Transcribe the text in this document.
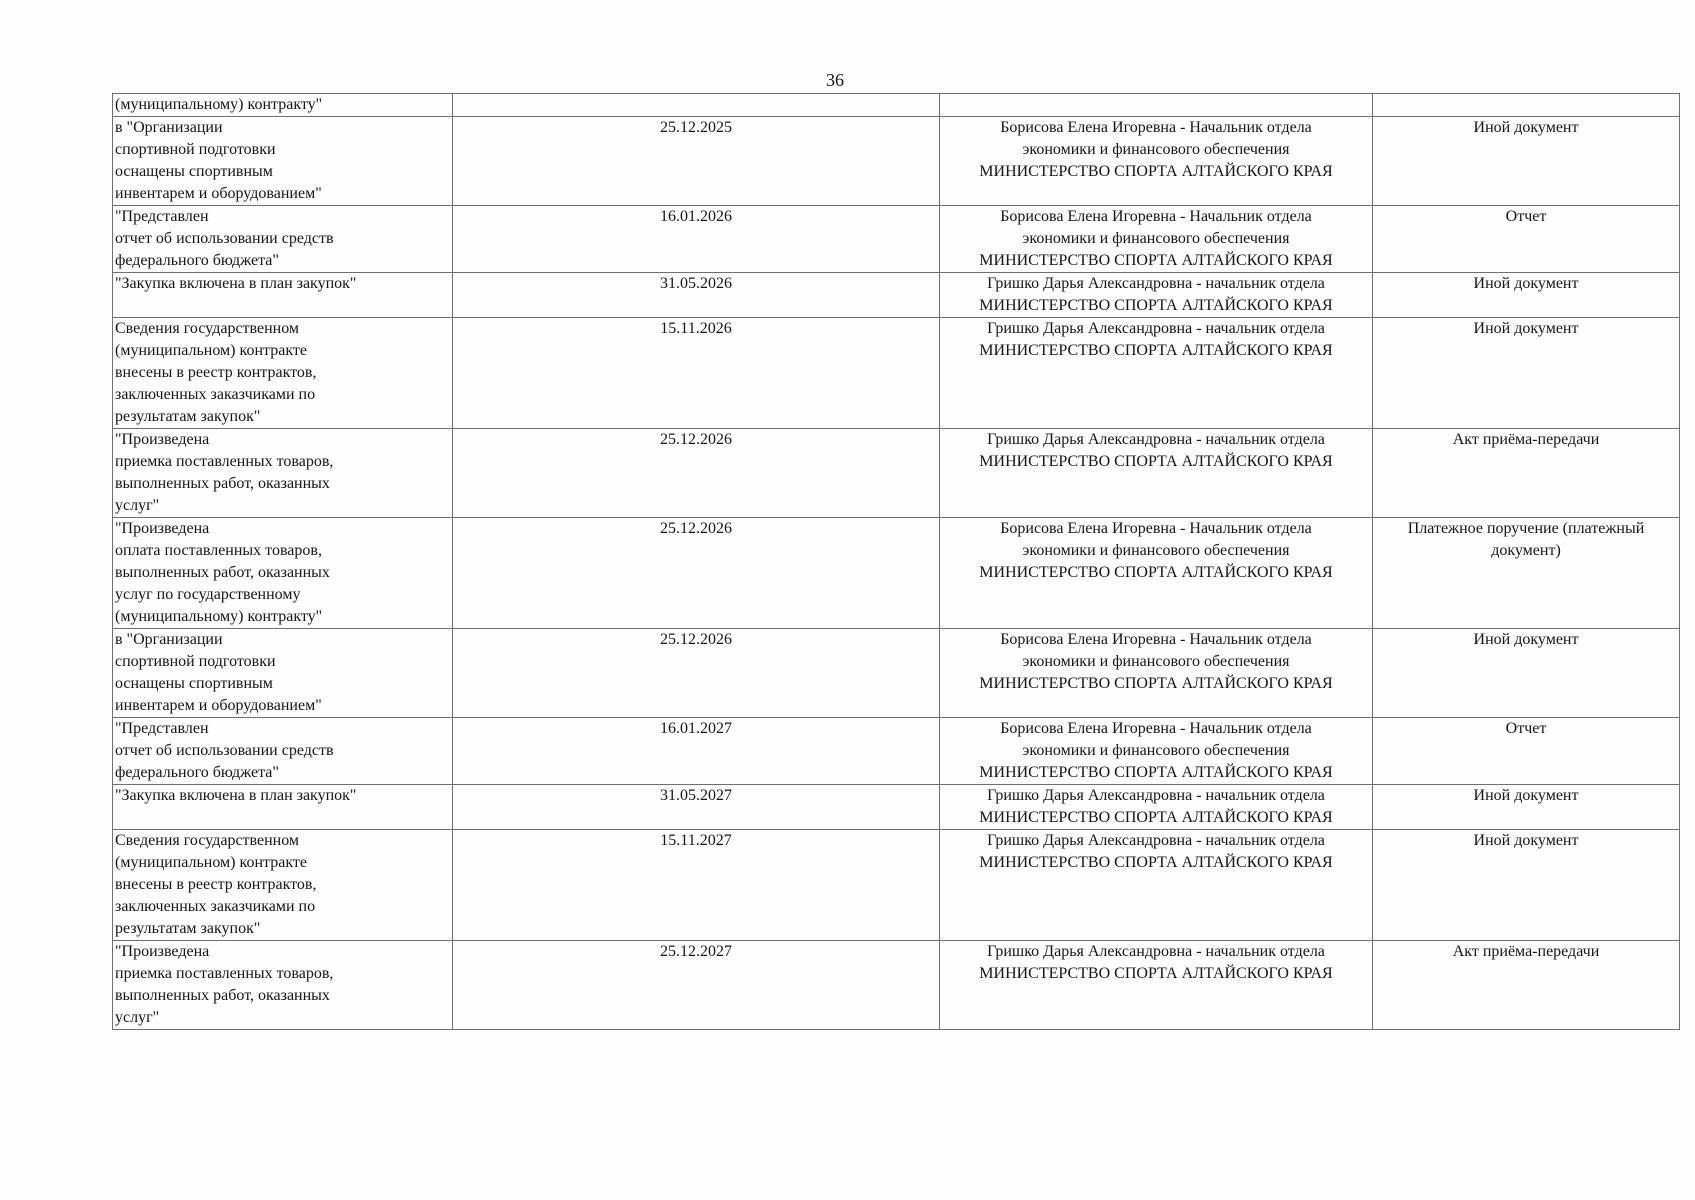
36
(муниципальному) контракту"			
в "Организации
спортивной подготовки
оснащены спортивным
инвентарем и оборудованием"	25.12.2025	Борисова Елена Игоревна - Начальник отдела
экономики и финансового обеспечения
МИНИСТЕРСТВО СПОРТА АЛТАЙСКОГО КРАЯ	Иной документ
"Представлен
отчет об использовании средств
федерального бюджета"	16.01.2026	Борисова Елена Игоревна - Начальник отдела
экономики и финансового обеспечения
МИНИСТЕРСТВО СПОРТА АЛТАЙСКОГО КРАЯ	Отчет
"Закупка включена в план закупок"	31.05.2026	Гришко Дарья Александровна - начальник отдела
МИНИСТЕРСТВО СПОРТА АЛТАЙСКОГО КРАЯ	Иной документ
Сведения государственном
(муниципальном) контракте
внесены в реестр контрактов,
заключенных заказчиками по
результатам закупок"	15.11.2026	Гришко Дарья Александровна - начальник отдела
МИНИСТЕРСТВО СПОРТА АЛТАЙСКОГО КРАЯ	Иной документ
"Произведена
приемка поставленных товаров,
выполненных работ, оказанных
услуг"	25.12.2026	Гришко Дарья Александровна - начальник отдела
МИНИСТЕРСТВО СПОРТА АЛТАЙСКОГО КРАЯ	Акт приёма-передачи
"Произведена
оплата поставленных товаров,
выполненных работ, оказанных
услуг по государственному
(муниципальному) контракту"	25.12.2026	Борисова Елена Игоревна - Начальник отдела
экономики и финансового обеспечения
МИНИСТЕРСТВО СПОРТА АЛТАЙСКОГО КРАЯ	Платежное поручение (платежный
документ)
в "Организации
спортивной подготовки
оснащены спортивным
инвентарем и оборудованием"	25.12.2026	Борисова Елена Игоревна - Начальник отдела
экономики и финансового обеспечения
МИНИСТЕРСТВО СПОРТА АЛТАЙСКОГО КРАЯ	Иной документ
"Представлен
отчет об использовании средств
федерального бюджета"	16.01.2027	Борисова Елена Игоревна - Начальник отдела
экономики и финансового обеспечения
МИНИСТЕРСТВО СПОРТА АЛТАЙСКОГО КРАЯ	Отчет
"Закупка включена в план закупок"	31.05.2027	Гришко Дарья Александровна - начальник отдела
МИНИСТЕРСТВО СПОРТА АЛТАЙСКОГО КРАЯ	Иной документ
Сведения государственном
(муниципальном) контракте
внесены в реестр контрактов,
заключенных заказчиками по
результатам закупок"	15.11.2027	Гришко Дарья Александровна - начальник отдела
МИНИСТЕРСТВО СПОРТА АЛТАЙСКОГО КРАЯ	Иной документ
"Произведена
приемка поставленных товаров,
выполненных работ, оказанных
услуг"	25.12.2027	Гришко Дарья Александровна - начальник отдела
МИНИСТЕРСТВО СПОРТА АЛТАЙСКОГО КРАЯ	Акт приёма-передачи
